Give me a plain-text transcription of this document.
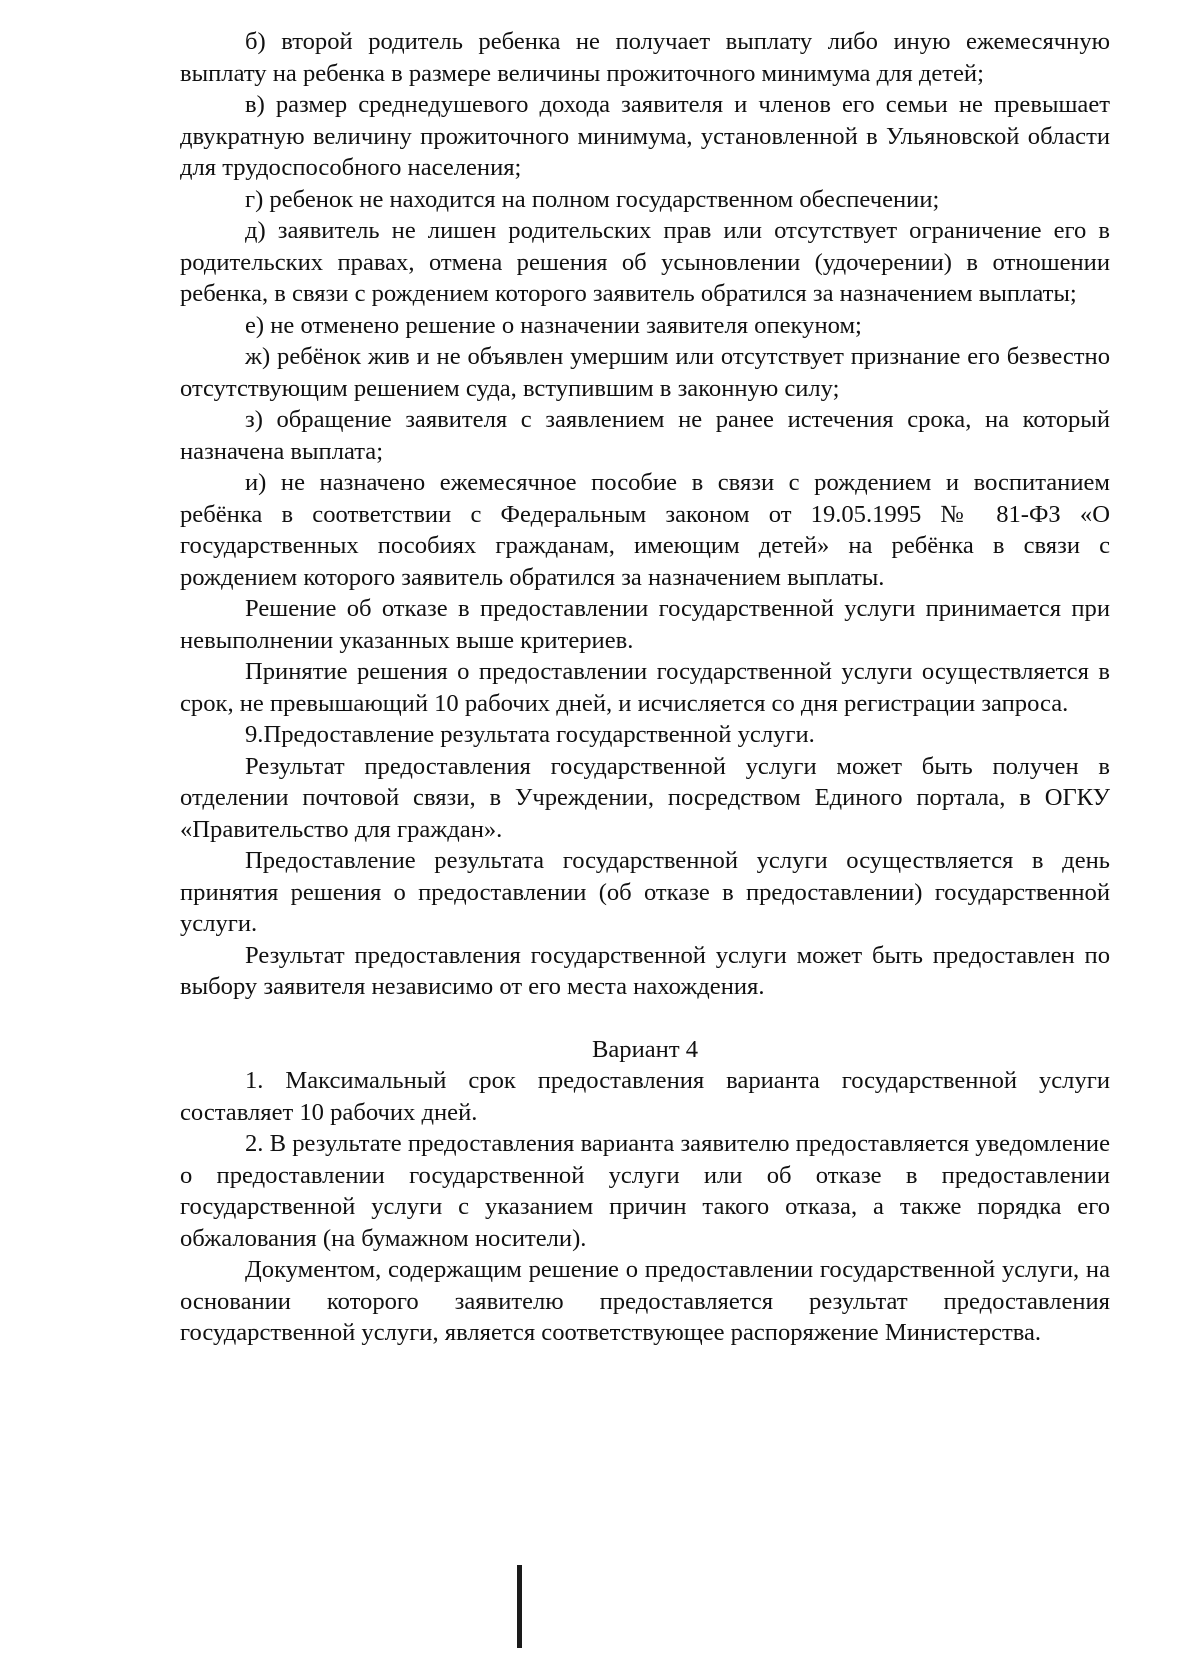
б) второй родитель ребенка не получает выплату либо иную ежемесячную выплату на ребенка в размере величины прожиточного минимума для детей;

в) размер среднедушевого дохода заявителя и членов его семьи не превышает двукратную величину прожиточного минимума, установленной в Ульяновской области для трудоспособного населения;

г) ребенок не находится на полном государственном обеспечении;

д) заявитель не лишен родительских прав или отсутствует ограничение его в родительских правах, отмена решения об усыновлении (удочерении) в отношении ребенка, в связи с рождением которого заявитель обратился за назначением выплаты;

е) не отменено решение о назначении заявителя опекуном;

ж) ребёнок жив и не объявлен умершим или отсутствует признание его безвестно отсутствующим решением суда, вступившим в законную силу;

з) обращение заявителя с заявлением не ранее истечения срока, на который назначена выплата;

и) не назначено ежемесячное пособие в связи с рождением и воспитанием ребёнка в соответствии с Федеральным законом от 19.05.1995 № 81-ФЗ «О государственных пособиях гражданам, имеющим детей» на ребёнка в связи с рождением которого заявитель обратился за назначением выплаты.

Решение об отказе в предоставлении государственной услуги принимается при невыполнении указанных выше критериев.

Принятие решения о предоставлении государственной услуги осуществляется в срок, не превышающий 10 рабочих дней, и исчисляется со дня регистрации запроса.

9.Предоставление результата государственной услуги.

Результат предоставления государственной услуги может быть получен в отделении почтовой связи, в Учреждении, посредством Единого портала, в ОГКУ «Правительство для граждан».

Предоставление результата государственной услуги осуществляется в день принятия решения о предоставлении (об отказе в предоставлении) государственной услуги.

Результат предоставления государственной услуги может быть предоставлен по выбору заявителя независимо от его места нахождения.

Вариант 4

1. Максимальный срок предоставления варианта государственной услуги составляет 10 рабочих дней.

2. В результате предоставления варианта заявителю предоставляется уведомление о предоставлении государственной услуги или об отказе в предоставлении государственной услуги с указанием причин такого отказа, а также порядка его обжалования (на бумажном носители).

Документом, содержащим решение о предоставлении государственной услуги, на основании которого заявителю предоставляется результат предоставления государственной услуги, является соответствующее распоряжение Министерства.
